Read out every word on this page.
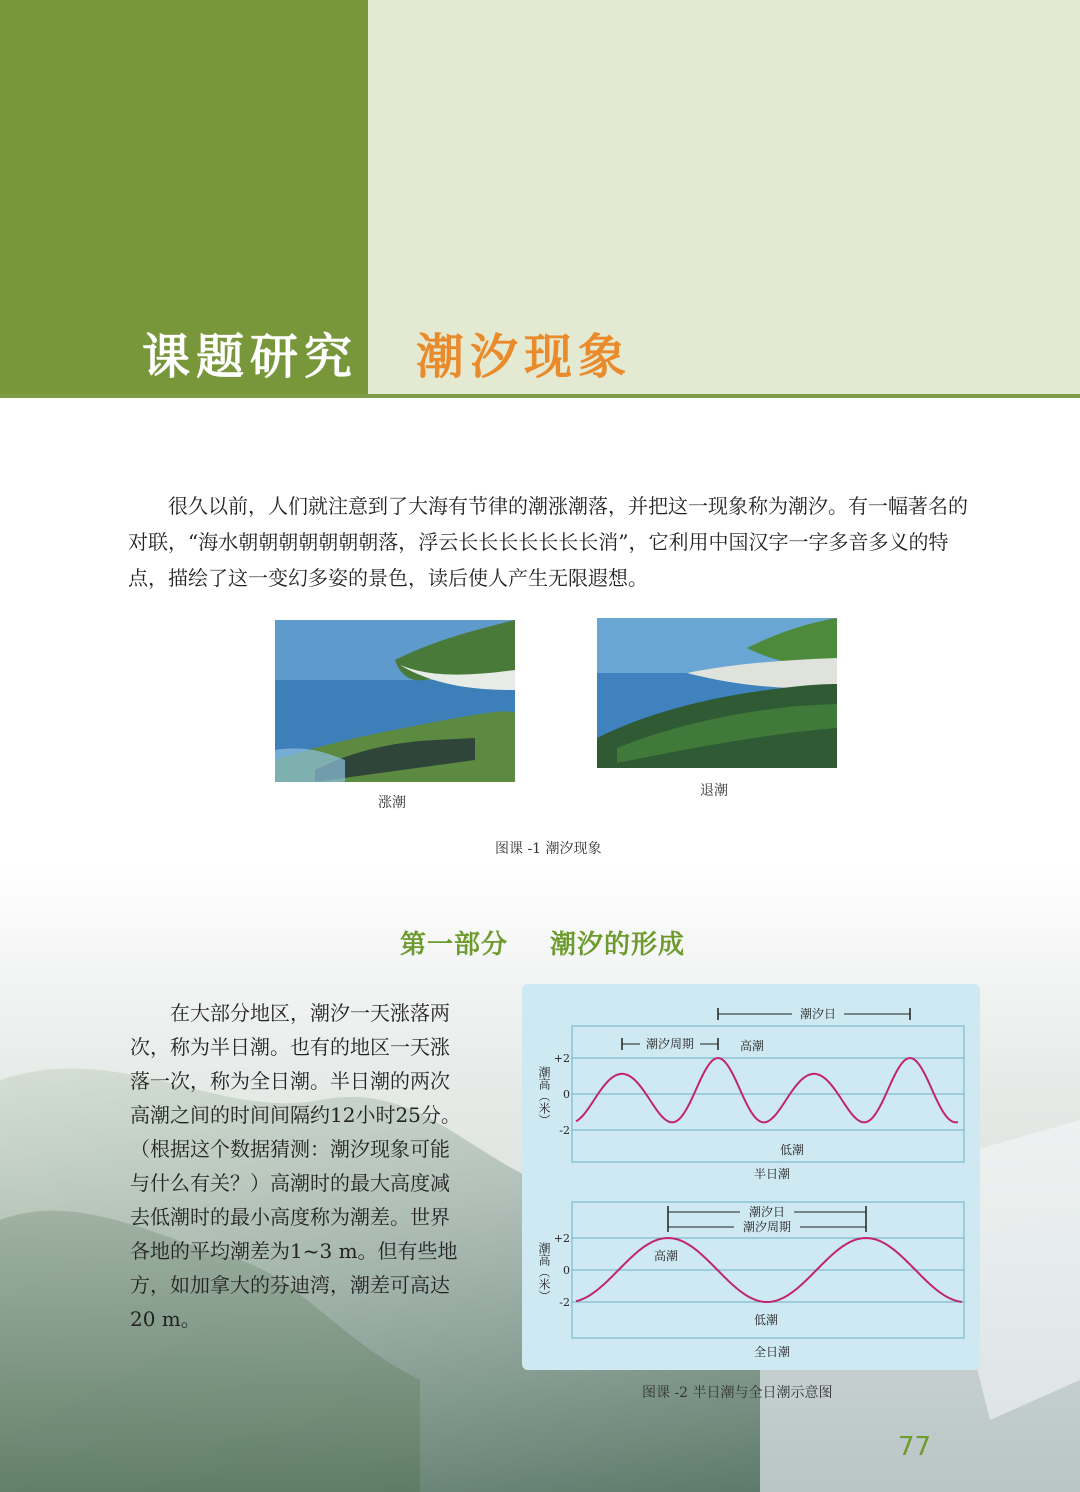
课题研究 潮汐现象

很久以前，人们就注意到了大海有节律的潮涨潮落，并把这一现象称为潮汐。有一幅著名的对联，“海水朝朝朝朝朝朝朝落，浮云长长长长长长长消”，它利用中国汉字一字多音多义的特点，描绘了这一变幻多姿的景色，读后使人产生无限遐想。

涨潮
退潮
图课 -1 潮汐现象
第一部分 潮汐的形成

在大部分地区，潮汐一天涨落两次，称为半日潮。也有的地区一天涨落一次，称为全日潮。半日潮的两次高潮之间的时间间隔约12小时25分。（根据这个数据猜测：潮汐现象可能与什么有关？）高潮时的最大高度减去低潮时的最小高度称为潮差。世界各地的平均潮差为1~3 m。但有些地方，如加拿大的芬迪湾，潮差可高达 20 m。

潮高（米）
+2
0
-2
潮汐日
潮汐周期	高潮
低潮
半日潮
潮高（米）
+2
0
-2
潮汐日
潮汐周期
高潮
低潮
全日潮
图课 -2 半日潮与全日潮示意图
77
